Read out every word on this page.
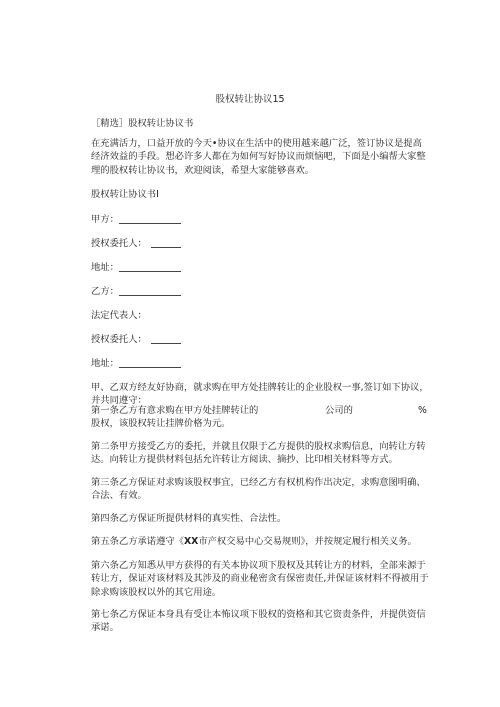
股权转让协议15
［精选］股权转让协议书
在充满活力，口益开放的今天•协议在生活中的使用越来越广泛，签订协议是提高经济效益的手段。想必许多人都在为如何写好协议而烦恼吧，下面是小编帮大家整理的股权转让协议书，欢迎阅读，希望大家能够喜欢。
股权转让协议书I
甲方：
授权委托人：
地址：
乙方：
法定代表人：
授权委托人：
地址：
甲、乙双方经友好协商，就求购在甲方处挂牌转让的企业股权一事,签订如下协议，并共同遵守：
第一条乙方有意求购在甲方处挂牌转让的	公司的	%
股权，该股权转让挂牌价格为元。
第二条甲方接受乙方的委托，并就且仅限于乙方提供的股权求购信息，向转让方转达。向转让方提供材料包括允许转让方阅读、摘抄、比印相关材料等方式。
第三条乙方保证对求购该股权事宜，已经乙方有权机构作出决定，求购意图明确、合法、有效。
第四条乙方保证所提供材料的真实性、合法性。
第五条乙方承诺遵守《XX市产权交易中心交易规则》，并按规定履行相关义务。
第六条乙方知悉从甲方获得的有关本协议项下股权及其转让方的材料，全部来源于转让方，保证对该材料及其涉及的商业秘密贪有保密责任,并保证该材料不得被用于除求购该股权以外的其它用途。
第七条乙方保证本身具有受让本怖议项下股权的资格和其它资责条件，并提供资信承诺。
